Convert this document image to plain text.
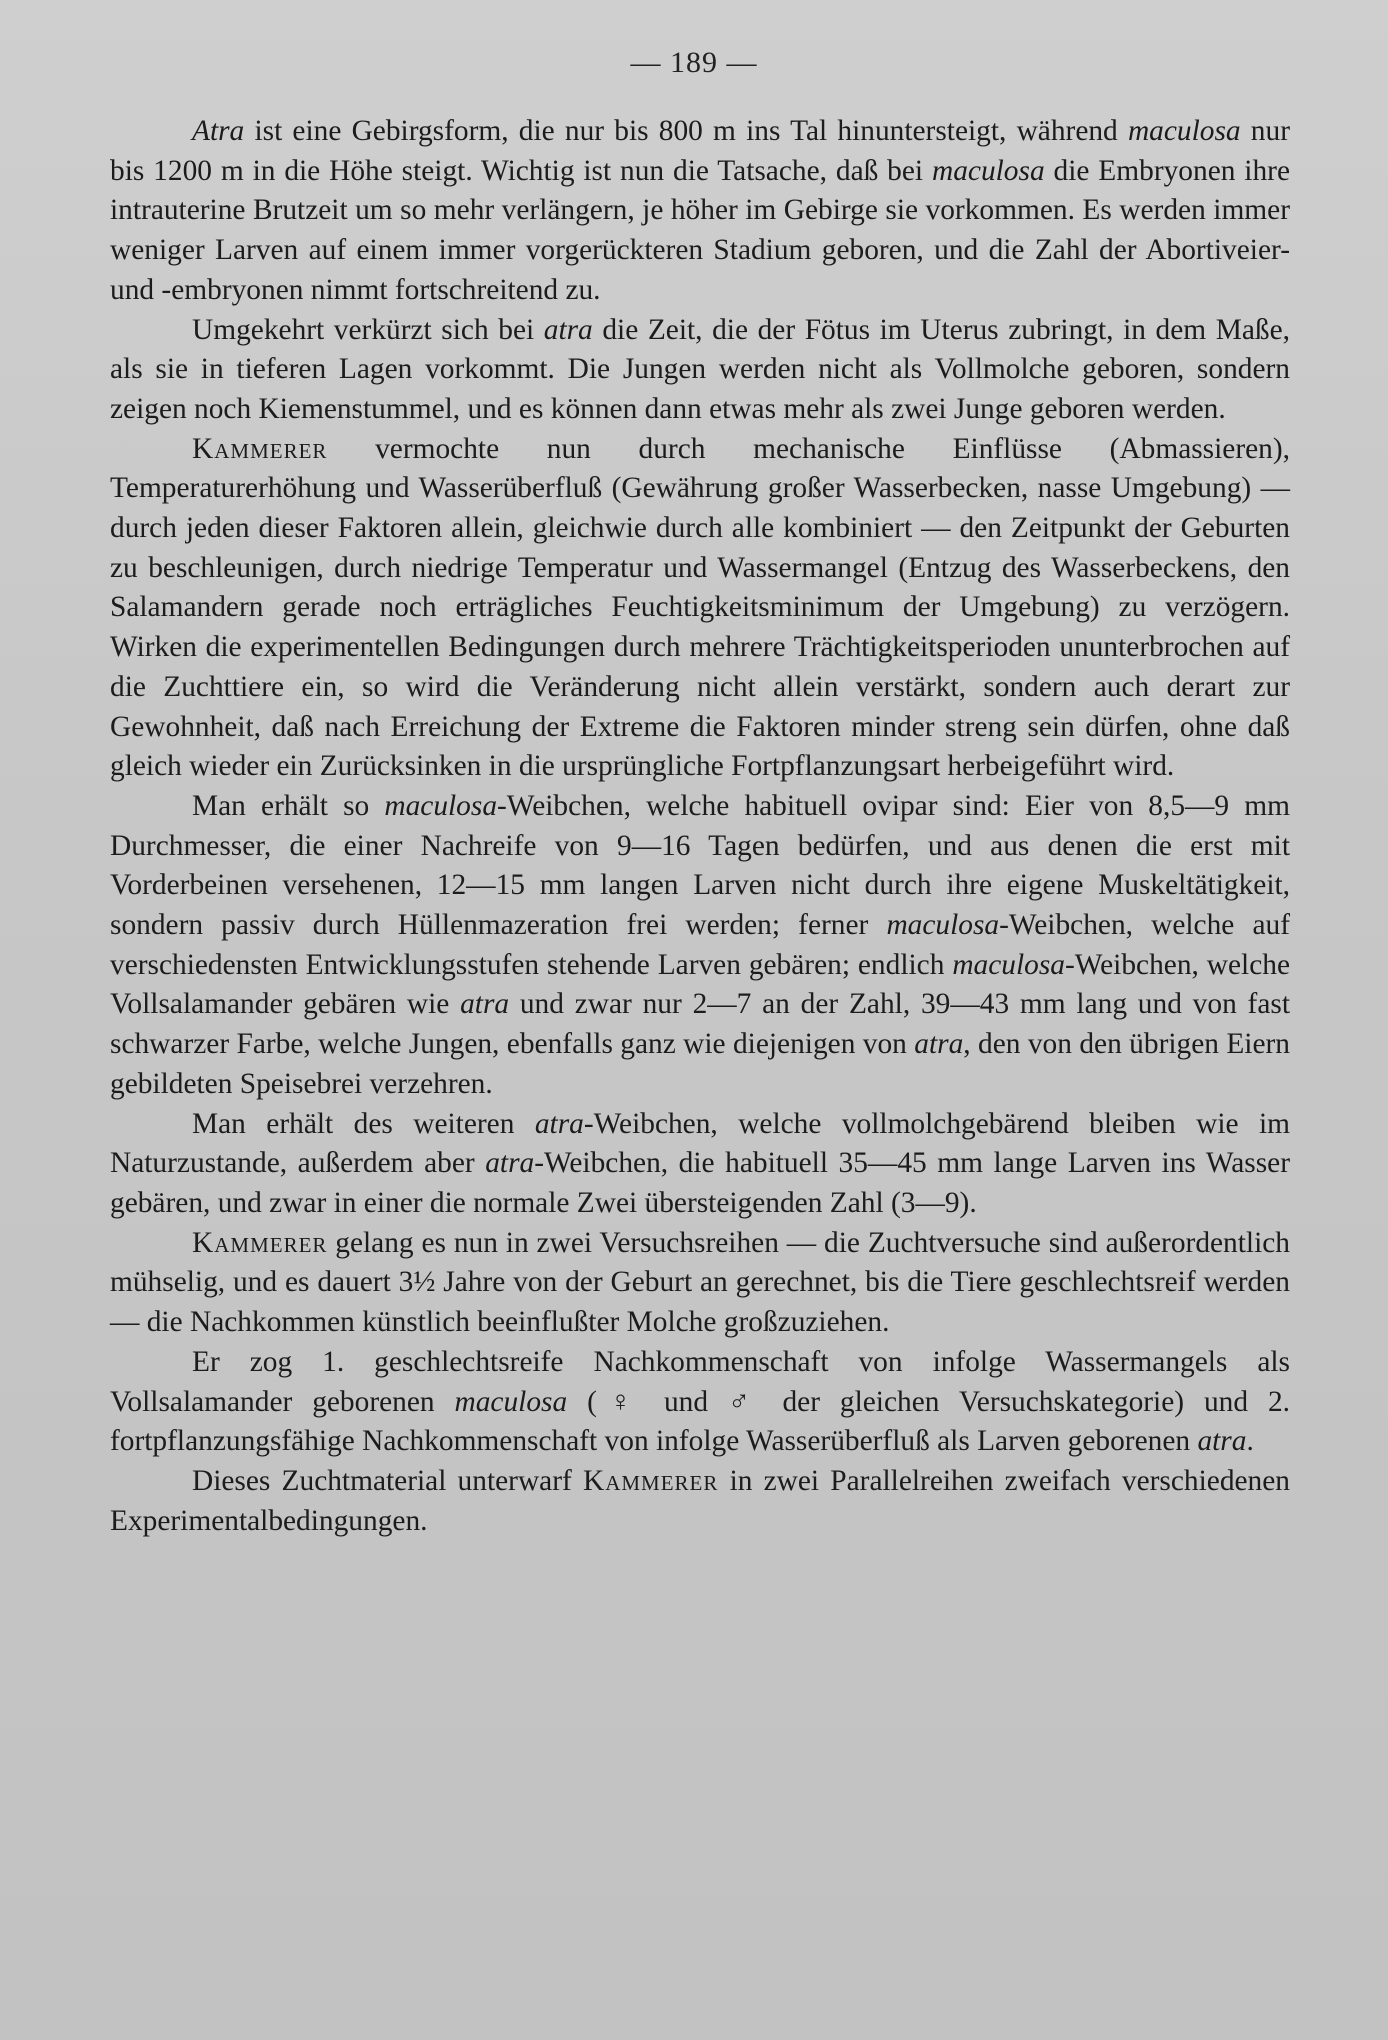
— 189 —

Atra ist eine Gebirgsform, die nur bis 800 m ins Tal hinuntersteigt, während maculosa nur bis 1200 m in die Höhe steigt. Wichtig ist nun die Tatsache, daß bei maculosa die Embryonen ihre intrauterine Brutzeit um so mehr verlängern, je höher im Gebirge sie vorkommen. Es werden immer weniger Larven auf einem immer vorgerückteren Stadium geboren, und die Zahl der Abortiveier- und -embryonen nimmt fortschreitend zu.

Umgekehrt verkürzt sich bei atra die Zeit, die der Fötus im Uterus zubringt, in dem Maße, als sie in tieferen Lagen vorkommt. Die Jungen werden nicht als Vollmolche geboren, sondern zeigen noch Kiemenstummel, und es können dann etwas mehr als zwei Junge geboren werden.

Kammerer vermochte nun durch mechanische Einflüsse (Abmassieren), Temperaturerhöhung und Wasserüberfluß (Gewährung großer Wasserbecken, nasse Umgebung) — durch jeden dieser Faktoren allein, gleichwie durch alle kombiniert — den Zeitpunkt der Geburten zu beschleunigen, durch niedrige Temperatur und Wassermangel (Entzug des Wasserbeckens, den Salamandern gerade noch erträgliches Feuchtigkeitsminimum der Umgebung) zu verzögern. Wirken die experimentellen Bedingungen durch mehrere Trächtigkeitsperioden ununterbrochen auf die Zuchttiere ein, so wird die Veränderung nicht allein verstärkt, sondern auch derart zur Gewohnheit, daß nach Erreichung der Extreme die Faktoren minder streng sein dürfen, ohne daß gleich wieder ein Zurücksinken in die ursprüngliche Fortpflanzungsart herbeigeführt wird.

Man erhält so maculosa-Weibchen, welche habituell ovipar sind: Eier von 8,5—9 mm Durchmesser, die einer Nachreife von 9—16 Tagen bedürfen, und aus denen die erst mit Vorderbeinen versehenen, 12—15 mm langen Larven nicht durch ihre eigene Muskeltätigkeit, sondern passiv durch Hüllenmazeration frei werden; ferner maculosa-Weibchen, welche auf verschiedensten Entwicklungsstufen stehende Larven gebären; endlich maculosa-Weibchen, welche Vollsalamander gebären wie atra und zwar nur 2—7 an der Zahl, 39—43 mm lang und von fast schwarzer Farbe, welche Jungen, ebenfalls ganz wie diejenigen von atra, den von den übrigen Eiern gebildeten Speisebrei verzehren.

Man erhält des weiteren atra-Weibchen, welche vollmolchgebärend bleiben wie im Naturzustande, außerdem aber atra-Weibchen, die habituell 35—45 mm lange Larven ins Wasser gebären, und zwar in einer die normale Zwei übersteigenden Zahl (3—9).

Kammerer gelang es nun in zwei Versuchsreihen — die Zuchtversuche sind außerordentlich mühselig, und es dauert 3½ Jahre von der Geburt an gerechnet, bis die Tiere geschlechtsreif werden — die Nachkommen künstlich beeinflußter Molche großzuziehen.

Er zog 1. geschlechtsreife Nachkommenschaft von infolge Wassermangels als Vollsalamander geborenen maculosa (♀ und ♂ der gleichen Versuchskategorie) und 2. fortpflanzungsfähige Nachkommenschaft von infolge Wasserüberfluß als Larven geborenen atra.

Dieses Zuchtmaterial unterwarf Kammerer in zwei Parallelreihen zweifach verschiedenen Experimentalbedingungen.
